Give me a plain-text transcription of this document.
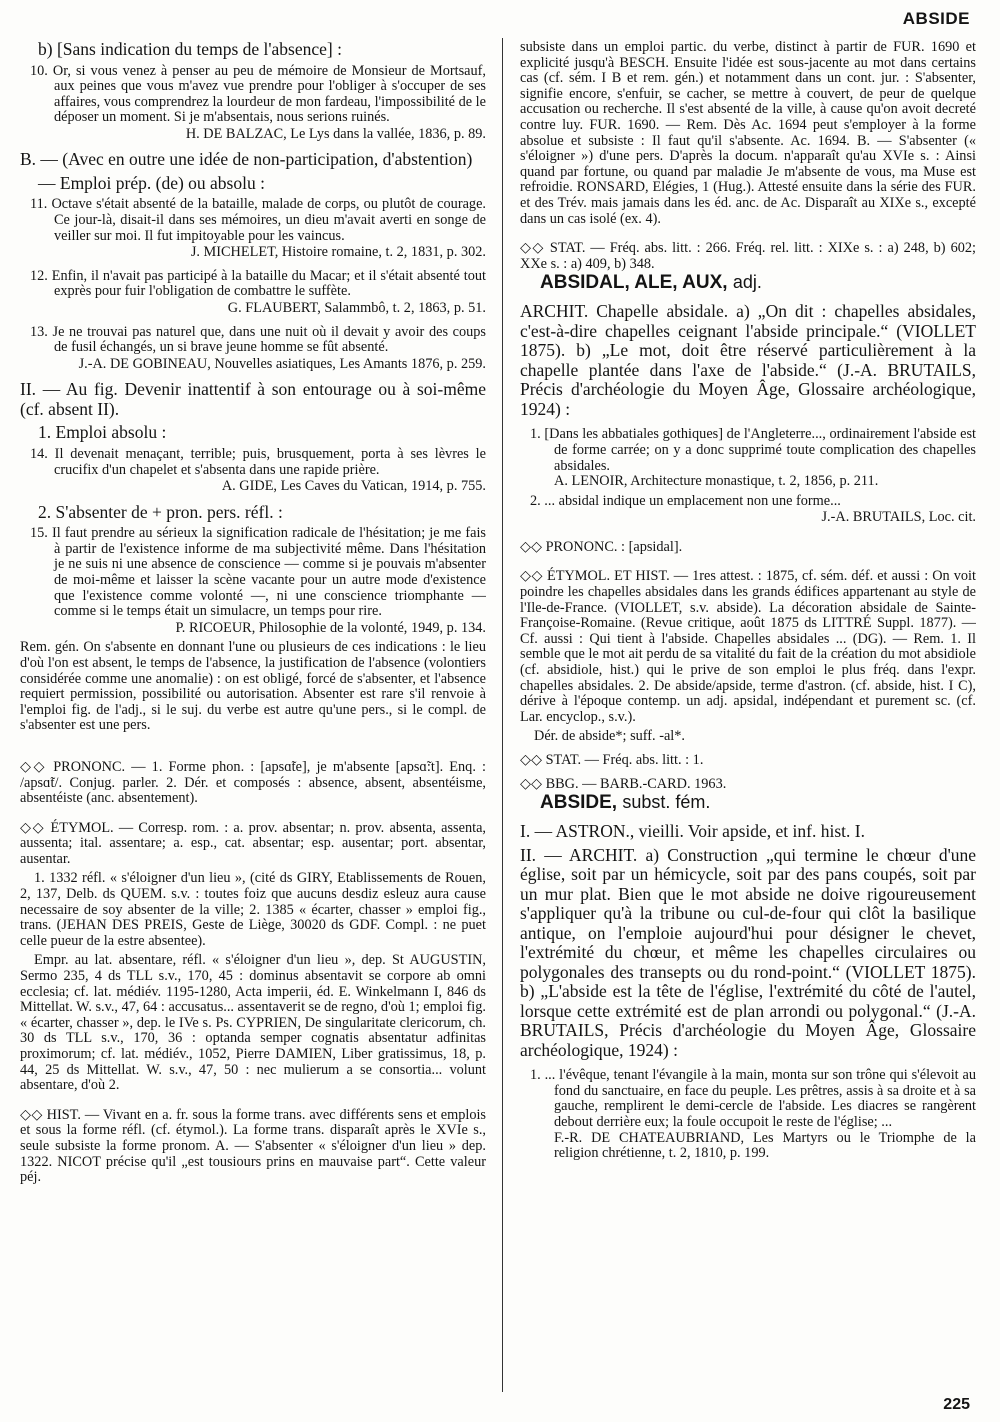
ABSIDE

b) [Sans indication du temps de l'absence] :

10. Or, si vous venez à penser au peu de mémoire de Monsieur de Mortsauf, aux peines que vous m'avez vue prendre pour l'obliger à s'occuper de ses affaires, vous comprendrez la lourdeur de mon fardeau, l'impossibilité de le déposer un moment. Si je m'absentais, nous serions ruinés.

H. DE BALZAC, Le Lys dans la vallée, 1836, p. 89.

B. — (Avec en outre une idée de non-participation, d'abstention)

— Emploi prép. (de) ou absolu :

11. Octave s'était absenté de la bataille, malade de corps, ou plutôt de courage. Ce jour-là, disait-il dans ses mémoires, un dieu m'avait averti en songe de veiller sur moi. Il fut impitoyable pour les vaincus.

J. MICHELET, Histoire romaine, t. 2, 1831, p. 302.

12. Enfin, il n'avait pas participé à la bataille du Macar; et il s'était absenté tout exprès pour fuir l'obligation de combattre le suffète.

G. FLAUBERT, Salammbô, t. 2, 1863, p. 51.

13. Je ne trouvai pas naturel que, dans une nuit où il devait y avoir des coups de fusil échangés, un si brave jeune homme se fût absenté.

J.-A. DE GOBINEAU, Nouvelles asiatiques, Les Amants 1876, p. 259.

II. — Au fig. Devenir inattentif à son entourage ou à soi-même (cf. absent II).

1. Emploi absolu :

14. Il devenait menaçant, terrible; puis, brusquement, porta à ses lèvres le crucifix d'un chapelet et s'absenta dans une rapide prière.

A. GIDE, Les Caves du Vatican, 1914, p. 755.

2. S'absenter de + pron. pers. réfl. :

15. Il faut prendre au sérieux la signification radicale de l'hésitation; je me fais à partir de l'existence informe de ma subjectivité même. Dans l'hésitation je ne suis ni une absence de conscience — comme si je pouvais m'absenter de moi-même et laisser la scène vacante pour un autre mode d'existence que l'existence comme volonté —, ni une conscience triomphante — comme si le temps était un simulacre, un temps pour rire.

P. RICOEUR, Philosophie de la volonté, 1949, p. 134.

Rem. gén. On s'absente en donnant l'une ou plusieurs de ces indications : le lieu d'où l'on est absent, le temps de l'absence, la justification de l'absence (volontiers considérée comme une anomalie) : on est obligé, forcé de s'absenter, et l'absence requiert permission, possibilité ou autorisation. Absenter est rare s'il renvoie à l'emploi fig. de l'adj., si le suj. du verbe est autre qu'une pers., si le compl. de s'absenter est une pers.

◇◇ PRONONC. — 1. Forme phon. : [apsɑ̃te], je m'absente [apsɑ̃:t]. Enq. : /apsɑ̃t/. Conjug. parler. 2. Dér. et composés : absence, absent, absentéisme, absentéiste (anc. absentement).

◇◇ ÉTYMOL. — Corresp. rom. : a. prov. absentar; n. prov. absenta, assenta, aussenta; ital. assentare; a. esp., cat. absentar; esp. ausentar; port. absentar, ausentar.

1. 1332 réfl. « s'éloigner d'un lieu », (cité ds GIRY, Etablissements de Rouen, 2, 137, Delb. ds QUEM. s.v. : toutes foiz que aucuns desdiz esleuz aura cause necessaire de soy absenter de la ville; 2. 1385 « écarter, chasser » emploi fig., trans. (JEHAN DES PREIS, Geste de Liège, 30020 ds GDF. Compl. : ne puet celle pueur de la estre absentee).

Empr. au lat. absentare, réfl. « s'éloigner d'un lieu », dep. St AUGUSTIN, Sermo 235, 4 ds TLL s.v., 170, 45 : dominus absentavit se corpore ab omni ecclesia; cf. lat. médiév. 1195-1280, Acta imperii, éd. E. Winkelmann I, 846 ds Mittellat. W. s.v., 47, 64 : accusatus... assentaverit se de regno, d'où 1; emploi fig. « écarter, chasser », dep. le IVe s. Ps. CYPRIEN, De singularitate clericorum, ch. 30 ds TLL s.v., 170, 36 : optanda semper cognatis absentatur adfinitas proximorum; cf. lat. médiév., 1052, Pierre DAMIEN, Liber gratissimus, 18, p. 44, 25 ds Mittellat. W. s.v., 47, 50 : nec mulierum a se consortia... volunt absentare, d'où 2.

◇◇ HIST. — Vivant en a. fr. sous la forme trans. avec différents sens et emplois et sous la forme réfl. (cf. étymol.). La forme trans. disparaît après le XVIe s., seule subsiste la forme pronom. A. — S'absenter « s'éloigner d'un lieu » dep. 1322. NICOT précise qu'il „est tousiours prins en mauvaise part“. Cette valeur péj.

subsiste dans un emploi partic. du verbe, distinct à partir de FUR. 1690 et explicité jusqu'à BESCH. Ensuite l'idée est sous-jacente au mot dans certains cas (cf. sém. I B et rem. gén.) et notamment dans un cont. jur. : S'absenter, signifie encore, s'enfuir, se cacher, se mettre à couvert, de peur de quelque accusation ou recherche. Il s'est absenté de la ville, à cause qu'on avoit decreté contre luy. FUR. 1690. — Rem. Dès Ac. 1694 peut s'employer à la forme absolue et subsiste : Il faut qu'il s'absente. Ac. 1694. B. — S'absenter (« s'éloigner ») d'une pers. D'après la docum. n'apparaît qu'au XVIe s. : Ainsi quand par fortune, ou quand par maladie Je m'absente de vous, ma Muse est refroidie. RONSARD, Elégies, 1 (Hug.). Attesté ensuite dans la série des FUR. et des Trév. mais jamais dans les éd. anc. de Ac. Disparaît au XIXe s., excepté dans un cas isolé (ex. 4).

◇◇ STAT. — Fréq. abs. litt. : 266. Fréq. rel. litt. : XIXe s. : a) 248, b) 602; XXe s. : a) 409, b) 348.

ABSIDAL, ALE, AUX, adj.

ARCHIT. Chapelle absidale. a) „On dit : chapelles absidales, c'est-à-dire chapelles ceignant l'abside principale.“ (VIOLLET 1875). b) „Le mot, doit être réservé particulièrement à la chapelle plantée dans l'axe de l'abside.“ (J.-A. BRUTAILS, Précis d'archéologie du Moyen Âge, Glossaire archéologique, 1924) :

1. [Dans les abbatiales gothiques] de l'Angleterre..., ordinairement l'abside est de forme carrée; on y a donc supprimé toute complication des chapelles absidales.

A. LENOIR, Architecture monastique, t. 2, 1856, p. 211.

2. ... absidal indique un emplacement non une forme...

J.-A. BRUTAILS, Loc. cit.

◇◇ PRONONC. : [apsidal].

◇◇ ÉTYMOL. ET HIST. — 1res attest. : 1875, cf. sém. déf. et aussi : On voit poindre les chapelles absidales dans les grands édifices appartenant au style de l'Ile-de-France. (VIOLLET, s.v. abside). La décoration absidale de Sainte-Françoise-Romaine. (Revue critique, août 1875 ds LITTRÉ Suppl. 1877). — Cf. aussi : Qui tient à l'abside. Chapelles absidales ... (DG). — Rem. 1. Il semble que le mot ait perdu de sa vitalité du fait de la création du mot absidiole (cf. absidiole, hist.) qui le prive de son emploi le plus fréq. dans l'expr. chapelles absidales. 2. De abside/apside, terme d'astron. (cf. abside, hist. I C), dérive à l'époque contemp. un adj. apsidal, indépendant et purement sc. (cf. Lar. encyclop., s.v.).

Dér. de abside*; suff. -al*.

◇◇ STAT. — Fréq. abs. litt. : 1.

◇◇ BBG. — BARB.-CARD. 1963.

ABSIDE, subst. fém.

I. — ASTRON., vieilli. Voir apside, et inf. hist. I.

II. — ARCHIT. a) Construction „qui termine le chœur d'une église, soit par un hémicycle, soit par des pans coupés, soit par un mur plat. Bien que le mot abside ne doive rigoureusement s'appliquer qu'à la tribune ou cul-de-four qui clôt la basilique antique, on l'emploie aujourd'hui pour désigner le chevet, l'extrémité du chœur, et même les chapelles circulaires ou polygonales des transepts ou du rond-point.“ (VIOLLET 1875). b) „L'abside est la tête de l'église, l'extrémité du côté de l'autel, lorsque cette extrémité est de plan arrondi ou polygonal.“ (J.-A. BRUTAILS, Précis d'archéologie du Moyen Âge, Glossaire archéologique, 1924) :

1. ... l'évêque, tenant l'évangile à la main, monta sur son trône qui s'élevoit au fond du sanctuaire, en face du peuple. Les prêtres, assis à sa droite et à sa gauche, remplirent le demi-cercle de l'abside. Les diacres se rangèrent debout derrière eux; la foule occupoit le reste de l'église; ...

F.-R. DE CHATEAUBRIAND, Les Martyrs ou le Triomphe de la religion chrétienne, t. 2, 1810, p. 199.

225
